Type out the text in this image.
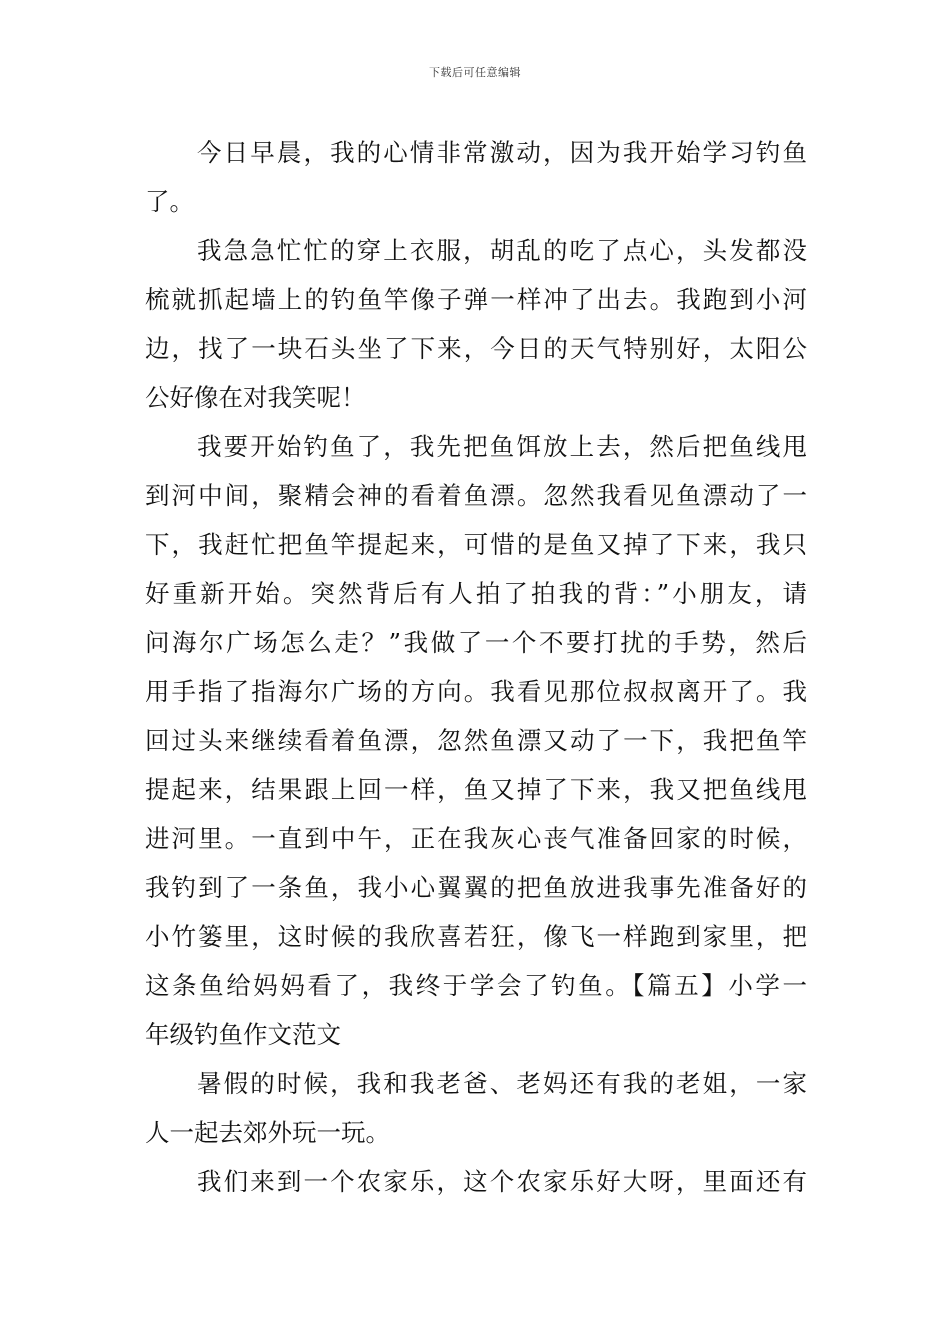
下载后可任意编辑
今日早晨，我的心情非常激动，因为我开始学习钓鱼
了。
我急急忙忙的穿上衣服，胡乱的吃了点心，头发都没
梳就抓起墙上的钓鱼竿像子弹一样冲了出去。我跑到小河
边，找了一块石头坐了下来，今日的天气特别好，太阳公
公好像在对我笑呢！
我要开始钓鱼了，我先把鱼饵放上去，然后把鱼线甩
到河中间，聚精会神的看着鱼漂。忽然我看见鱼漂动了一
下，我赶忙把鱼竿提起来，可惜的是鱼又掉了下来，我只
好重新开始。突然背后有人拍了拍我的背：”小朋友，请
问海尔广场怎么走？”我做了一个不要打扰的手势，然后
用手指了指海尔广场的方向。我看见那位叔叔离开了。我
回过头来继续看着鱼漂，忽然鱼漂又动了一下，我把鱼竿
提起来，结果跟上回一样，鱼又掉了下来，我又把鱼线甩
进河里。一直到中午，正在我灰心丧气准备回家的时候，
我钓到了一条鱼，我小心翼翼的把鱼放进我事先准备好的
小竹篓里，这时候的我欣喜若狂，像飞一样跑到家里，把
这条鱼给妈妈看了，我终于学会了钓鱼。【篇五】小学一
年级钓鱼作文范文
暑假的时候，我和我老爸、老妈还有我的老姐，一家
人一起去郊外玩一玩。
我们来到一个农家乐，这个农家乐好大呀，里面还有
